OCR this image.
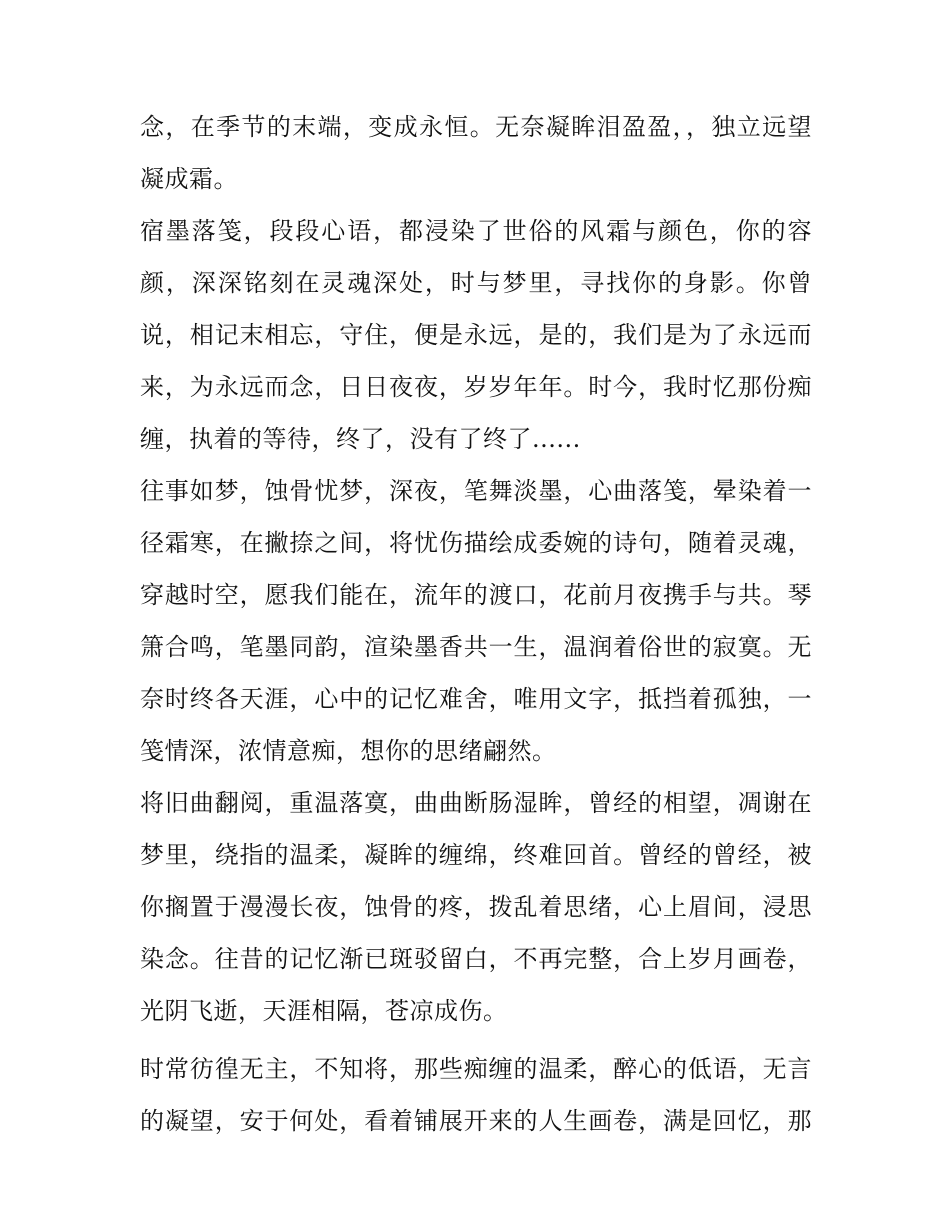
念，在季节的末端，变成永恒。无奈凝眸泪盈盈，，独立远望
凝成霜。
宿墨落笺，段段心语，都浸染了世俗的风霜与颜色，你的容
颜，深深铭刻在灵魂深处，时与梦里，寻找你的身影。你曾
说，相记末相忘，守住，便是永远，是的，我们是为了永远而
来，为永远而念，日日夜夜，岁岁年年。时今，我时忆那份痴
缠，执着的等待，终了，没有了终了......
往事如梦，蚀骨忧梦，深夜，笔舞淡墨，心曲落笺，晕染着一
径霜寒，在撇捺之间，将忧伤描绘成委婉的诗句，随着灵魂，
穿越时空，愿我们能在，流年的渡口，花前月夜携手与共。琴
箫合鸣，笔墨同韵，渲染墨香共一生，温润着俗世的寂寞。无
奈时终各天涯，心中的记忆难舍，唯用文字，抵挡着孤独，一
笺情深，浓情意痴，想你的思绪翩然。
将旧曲翻阅，重温落寞，曲曲断肠湿眸，曾经的相望，凋谢在
梦里，绕指的温柔，凝眸的缠绵，终难回首。曾经的曾经，被
你搁置于漫漫长夜，蚀骨的疼，拨乱着思绪，心上眉间，浸思
染念。往昔的记忆渐已斑驳留白，不再完整，合上岁月画卷，
光阴飞逝，天涯相隔，苍凉成伤。
时常彷徨无主，不知将，那些痴缠的温柔，醉心的低语，无言
的凝望，安于何处，看着铺展开来的人生画卷，满是回忆，那
